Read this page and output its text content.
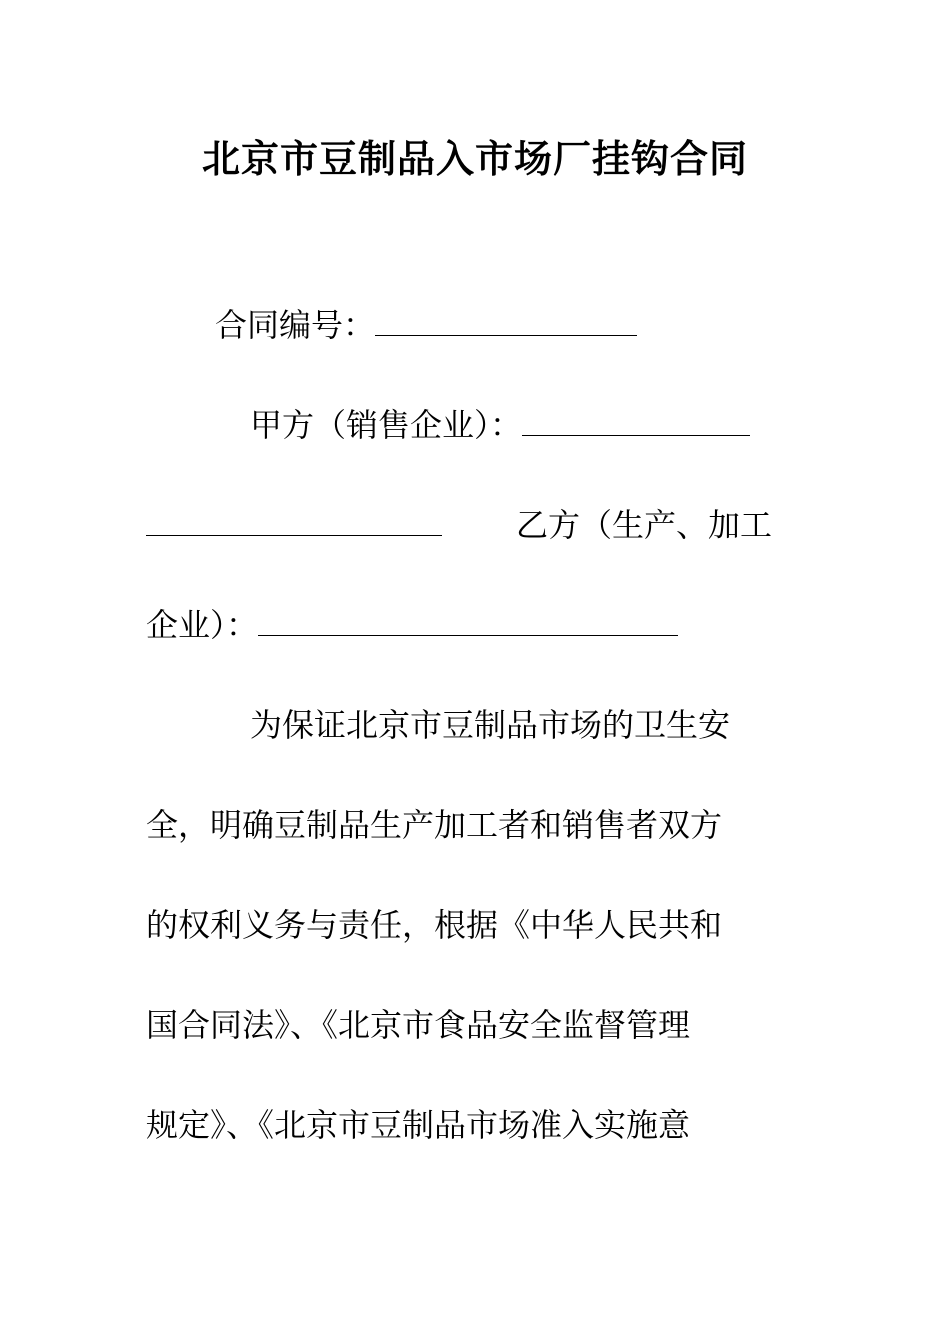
北京市豆制品入市场厂挂钩合同
合同编号：
甲方（销售企业）：
乙方（生产、加工
企业）：
为保证北京市豆制品市场的卫生安
全，明确豆制品生产加工者和销售者双方
的权利义务与责任，根据《中华人民共和
国合同法》、《北京市食品安全监督管理
规定》、《北京市豆制品市场准入实施意
